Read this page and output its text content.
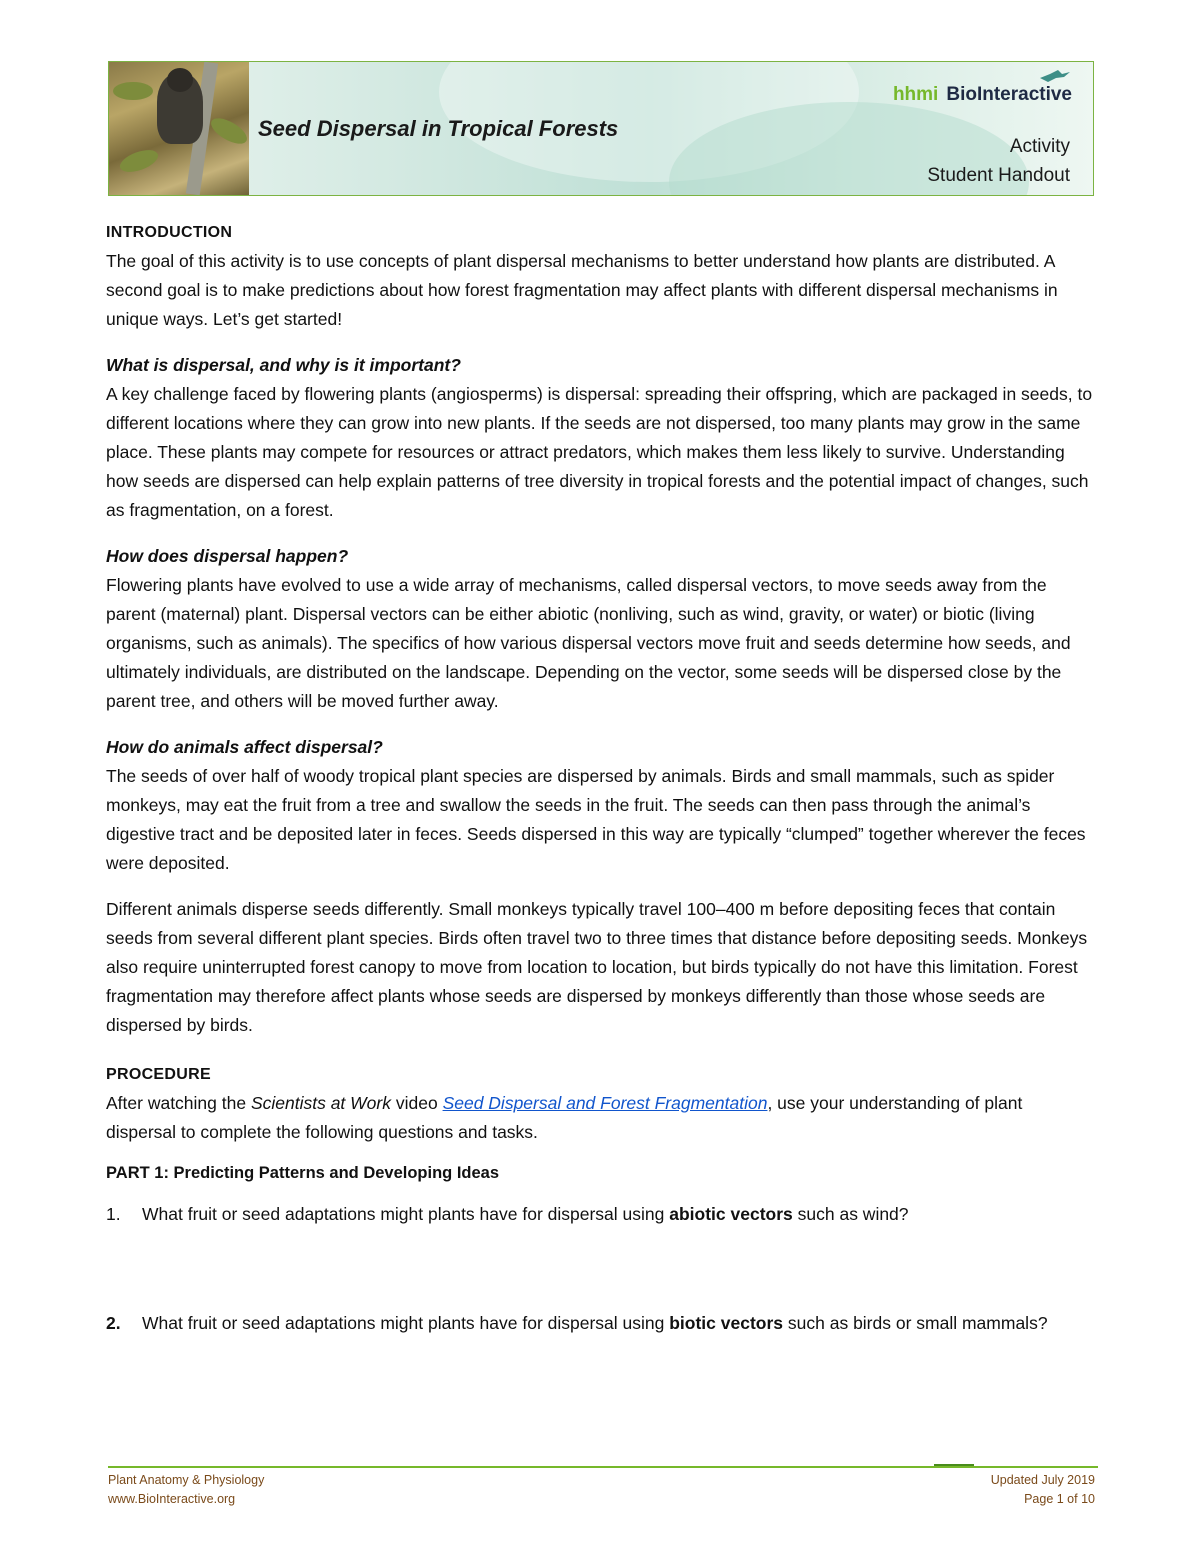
Seed Dispersal in Tropical Forests
hhmi BioInteractive
Activity
Student Handout

INTRODUCTION

The goal of this activity is to use concepts of plant dispersal mechanisms to better understand how plants are distributed. A second goal is to make predictions about how forest fragmentation may affect plants with different dispersal mechanisms in unique ways. Let’s get started!

What is dispersal, and why is it important?

A key challenge faced by flowering plants (angiosperms) is dispersal: spreading their offspring, which are packaged in seeds, to different locations where they can grow into new plants. If the seeds are not dispersed, too many plants may grow in the same place. These plants may compete for resources or attract predators, which makes them less likely to survive. Understanding how seeds are dispersed can help explain patterns of tree diversity in tropical forests and the potential impact of changes, such as fragmentation, on a forest.

How does dispersal happen?

Flowering plants have evolved to use a wide array of mechanisms, called dispersal vectors, to move seeds away from the parent (maternal) plant. Dispersal vectors can be either abiotic (nonliving, such as wind, gravity, or water) or biotic (living organisms, such as animals). The specifics of how various dispersal vectors move fruit and seeds determine how seeds, and ultimately individuals, are distributed on the landscape. Depending on the vector, some seeds will be dispersed close by the parent tree, and others will be moved further away.

How do animals affect dispersal?

The seeds of over half of woody tropical plant species are dispersed by animals. Birds and small mammals, such as spider monkeys, may eat the fruit from a tree and swallow the seeds in the fruit. The seeds can then pass through the animal’s digestive tract and be deposited later in feces. Seeds dispersed in this way are typically “clumped” together wherever the feces were deposited.

Different animals disperse seeds differently. Small monkeys typically travel 100–400 m before depositing feces that contain seeds from several different plant species. Birds often travel two to three times that distance before depositing seeds. Monkeys also require uninterrupted forest canopy to move from location to location, but birds typically do not have this limitation. Forest fragmentation may therefore affect plants whose seeds are dispersed by monkeys differently than those whose seeds are dispersed by birds.

PROCEDURE

After watching the Scientists at Work video Seed Dispersal and Forest Fragmentation, use your understanding of plant dispersal to complete the following questions and tasks.

PART 1: Predicting Patterns and Developing Ideas

1.	What fruit or seed adaptations might plants have for dispersal using abiotic vectors such as wind?
2.	What fruit or seed adaptations might plants have for dispersal using biotic vectors such as birds or small mammals?
Plant Anatomy & Physiology
www.BioInteractive.org
Updated July 2019
Page 1 of 10
